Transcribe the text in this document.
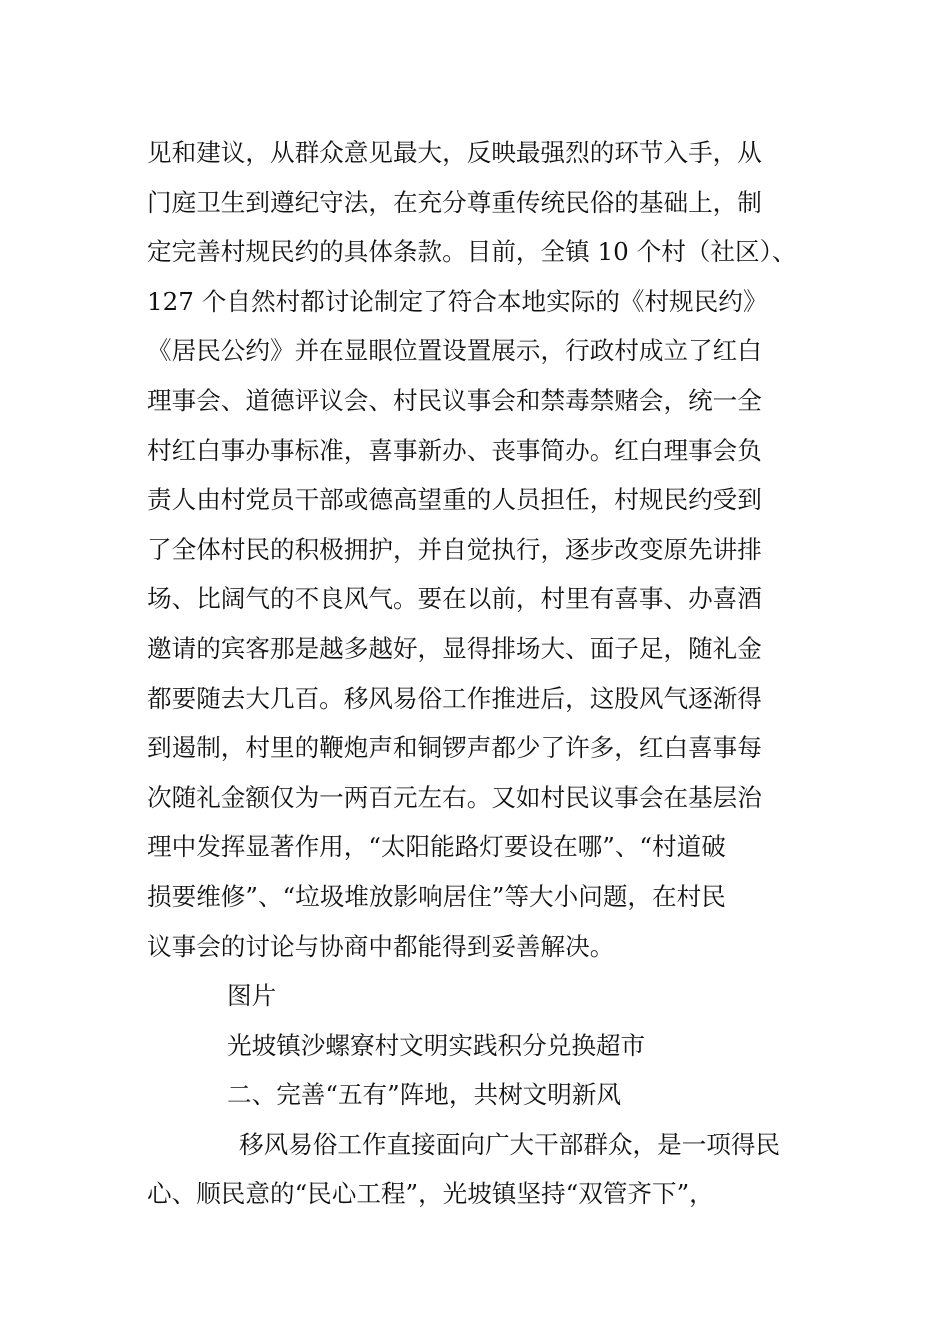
见和建议，从群众意见最大，反映最强烈的环节入手，从
门庭卫生到遵纪守法，在充分尊重传统民俗的基础上，制
定完善村规民约的具体条款。目前，全镇 10 个村（社区）、
127 个自然村都讨论制定了符合本地实际的《村规民约》
《居民公约》并在显眼位置设置展示，行政村成立了红白
理事会、道德评议会、村民议事会和禁毒禁赌会，统一全
村红白事办事标准，喜事新办、丧事简办。红白理事会负
责人由村党员干部或德高望重的人员担任，村规民约受到
了全体村民的积极拥护，并自觉执行，逐步改变原先讲排
场、比阔气的不良风气。要在以前，村里有喜事、办喜酒
邀请的宾客那是越多越好，显得排场大、面子足，随礼金
都要随去大几百。移风易俗工作推进后，这股风气逐渐得
到遏制，村里的鞭炮声和铜锣声都少了许多，红白喜事每
次随礼金额仅为一两百元左右。又如村民议事会在基层治
理中发挥显著作用，“太阳能路灯要设在哪”、“村道破
损要维修”、“垃圾堆放影响居住”等大小问题，在村民
议事会的讨论与协商中都能得到妥善解决。
图片
光坡镇沙螺寮村文明实践积分兑换超市
二、完善“五有”阵地，共树文明新风
移风易俗工作直接面向广大干部群众，是一项得民
心、顺民意的“民心工程”，光坡镇坚持“双管齐下”，
